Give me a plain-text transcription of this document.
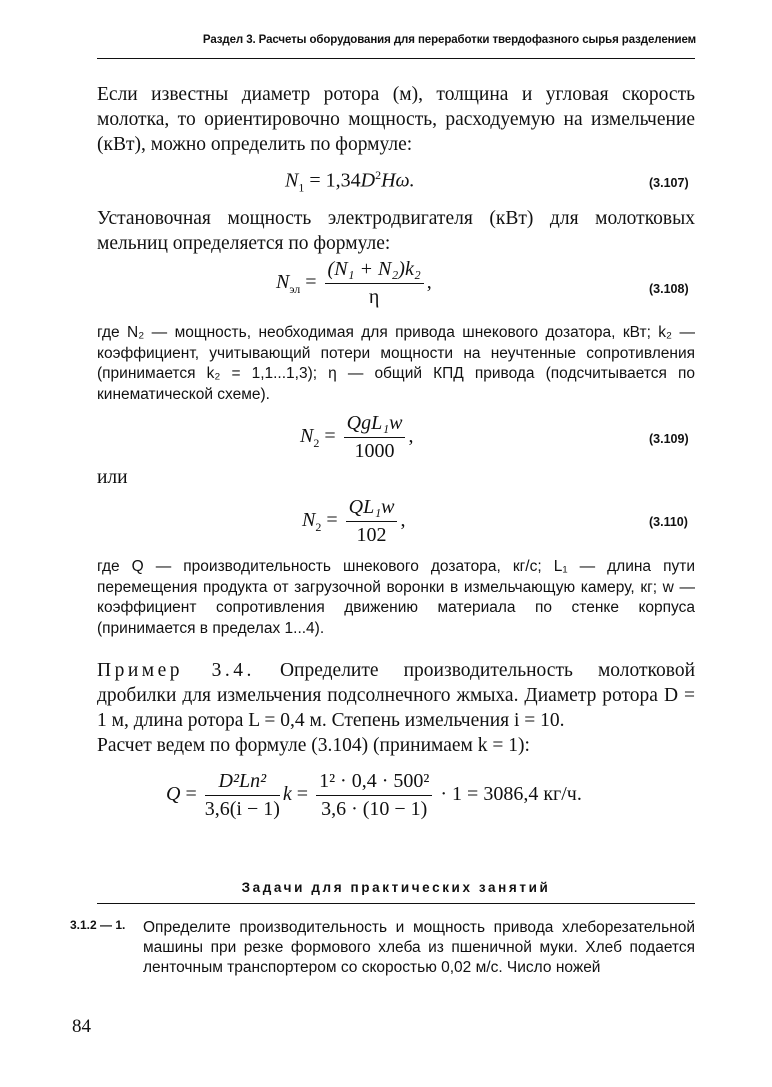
Раздел 3. Расчеты оборудования для переработки твердофазного сырья разделением
Если известны диаметр ротора (м), толщина и угловая скорость молотка, то ориентировочно мощность, расходуемую на измельчение (кВт), можно определить по формуле:
$N_1 = 1,34D^2H\omega$.	(3.107)
Установочная мощность электродвигателя (кВт) для молотковых мельниц определяется по формуле:
$N_{эл} = \frac{\text{(N₁ + N₂)k₂}}{\eta}$ ,	(3.108)
где N₂ — мощность, необходимая для привода шнекового дозатора, кВт; k₂ — коэффициент, учитывающий потери мощности на неучтенные сопротивления (принимается k₂ = 1,1...1,3); η — общий КПД привода (подсчитывается по кинематической схеме).
$N_2 = \frac{\text{QgL₁w}}{1000}$ ,	(3.109)
или
$N_2 = \frac{\text{QL₁w}}{102}$ ,	(3.110)
где Q — производительность шнекового дозатора, кг/с; L₁ — длина пути перемещения продукта от загрузочной воронки в измельчающую камеру, кг; w — коэффициент сопротивления движению материала по стенке корпуса (принимается в пределах 1...4).
Пример 3.4. Определите производительность молотковой дробилки для измельчения подсолнечного жмыха. Диаметр ротора D = 1 м, длина ротора L = 0,4 м. Степень измельчения i = 10.
Расчет ведем по формуле (3.104) (принимаем k = 1):
$Q = \frac{\text{D²Ln²}}{3,6(i - 1)}$ $k = \frac{\text{1² · 0,4 · 500²}}{3,6 \cdot (10 - 1)} \cdot 1 = 3086,4$ кг/ч.
Задачи для практических занятий
3.1.2 — 1. Определите производительность и мощность привода хлеборезательной машины при резке формового хлеба из пшеничной муки. Хлеб подается ленточным транспортером со скоростью 0,02 м/с. Число ножей
84
